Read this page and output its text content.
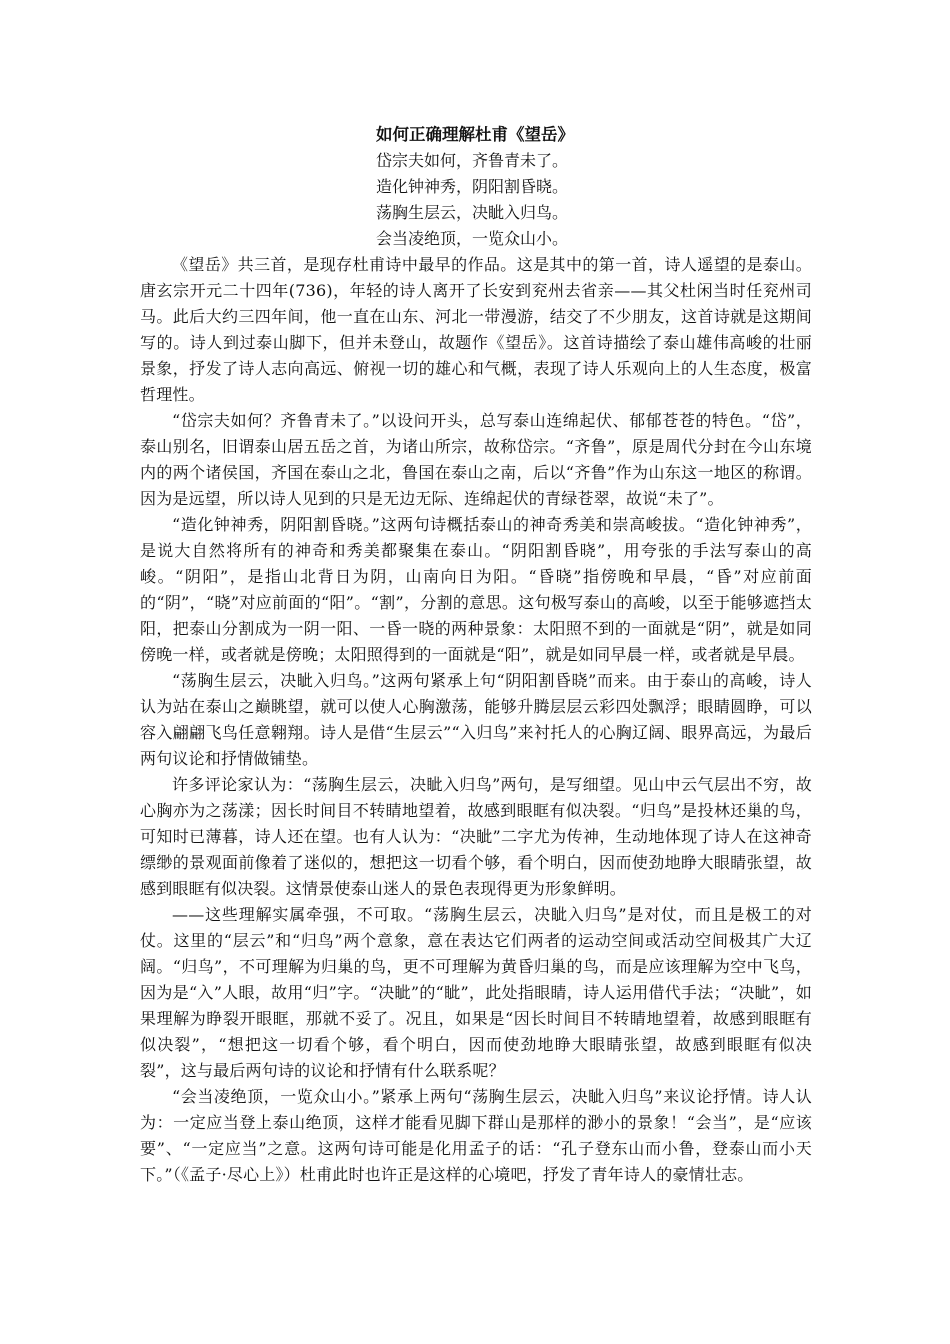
如何正确理解杜甫《望岳》
岱宗夫如何，齐鲁青未了。
造化钟神秀，阴阳割昏晓。
荡胸生层云，决眦入归鸟。
会当凌绝顶，一览众山小。

《望岳》共三首，是现存杜甫诗中最早的作品。这是其中的第一首，诗人遥望的是泰山。唐玄宗开元二十四年(736)，年轻的诗人离开了长安到兖州去省亲——其父杜闲当时任兖州司马。此后大约三四年间，他一直在山东、河北一带漫游，结交了不少朋友，这首诗就是这期间写的。诗人到过泰山脚下，但并未登山，故题作《望岳》。这首诗描绘了泰山雄伟高峻的壮丽景象，抒发了诗人志向高远、俯视一切的雄心和气概，表现了诗人乐观向上的人生态度，极富哲理性。

“岱宗夫如何？齐鲁青未了。”以设问开头，总写泰山连绵起伏、郁郁苍苍的特色。“岱”，泰山别名，旧谓泰山居五岳之首，为诸山所宗，故称岱宗。“齐鲁”，原是周代分封在今山东境内的两个诸侯国，齐国在泰山之北，鲁国在泰山之南，后以“齐鲁”作为山东这一地区的称谓。因为是远望，所以诗人见到的只是无边无际、连绵起伏的青绿苍翠，故说“未了”。

“造化钟神秀，阴阳割昏晓。”这两句诗概括泰山的神奇秀美和崇高峻拔。“造化钟神秀”，是说大自然将所有的神奇和秀美都聚集在泰山。“阴阳割昏晓”，用夸张的手法写泰山的高峻。“阴阳”，是指山北背日为阴，山南向日为阳。“昏晓”指傍晚和早晨，“昏”对应前面的“阴”，“晓”对应前面的“阳”。“割”，分割的意思。这句极写泰山的高峻，以至于能够遮挡太阳，把泰山分割成为一阴一阳、一昏一晓的两种景象：太阳照不到的一面就是“阴”，就是如同傍晚一样，或者就是傍晚；太阳照得到的一面就是“阳”，就是如同早晨一样，或者就是早晨。

“荡胸生层云，决眦入归鸟。”这两句紧承上句“阴阳割昏晓”而来。由于泰山的高峻，诗人认为站在泰山之巅眺望，就可以使人心胸激荡，能够升腾层层云彩四处飘浮；眼睛圆睁，可以容入翩翩飞鸟任意翱翔。诗人是借“生层云”“入归鸟”来衬托人的心胸辽阔、眼界高远，为最后两句议论和抒情做铺垫。

许多评论家认为：“荡胸生层云，决眦入归鸟”两句，是写细望。见山中云气层出不穷，故心胸亦为之荡漾；因长时间目不转睛地望着，故感到眼眶有似决裂。“归鸟”是投林还巢的鸟，可知时已薄暮，诗人还在望。也有人认为：“决眦”二字尤为传神，生动地体现了诗人在这神奇缥缈的景观面前像着了迷似的，想把这一切看个够，看个明白，因而使劲地睁大眼睛张望，故感到眼眶有似决裂。这情景使泰山迷人的景色表现得更为形象鲜明。

——这些理解实属牵强，不可取。“荡胸生层云，决眦入归鸟”是对仗，而且是极工的对仗。这里的“层云”和“归鸟”两个意象，意在表达它们两者的运动空间或活动空间极其广大辽阔。“归鸟”，不可理解为归巢的鸟，更不可理解为黄昏归巢的鸟，而是应该理解为空中飞鸟，因为是“入”人眼，故用“归”字。“决眦”的“眦”，此处指眼睛，诗人运用借代手法；“决眦”，如果理解为睁裂开眼眶，那就不妥了。况且，如果是“因长时间目不转睛地望着，故感到眼眶有似决裂”，“想把这一切看个够，看个明白，因而使劲地睁大眼睛张望，故感到眼眶有似决裂”，这与最后两句诗的议论和抒情有什么联系呢？

“会当凌绝顶，一览众山小。”紧承上两句“荡胸生层云，决眦入归鸟”来议论抒情。诗人认为：一定应当登上泰山绝顶，这样才能看见脚下群山是那样的渺小的景象！“会当”，是“应该要”、“一定应当”之意。这两句诗可能是化用孟子的话：“孔子登东山而小鲁，登泰山而小天下。”（《孟子·尽心上》）杜甫此时也许正是这样的心境吧，抒发了青年诗人的豪情壮志。
